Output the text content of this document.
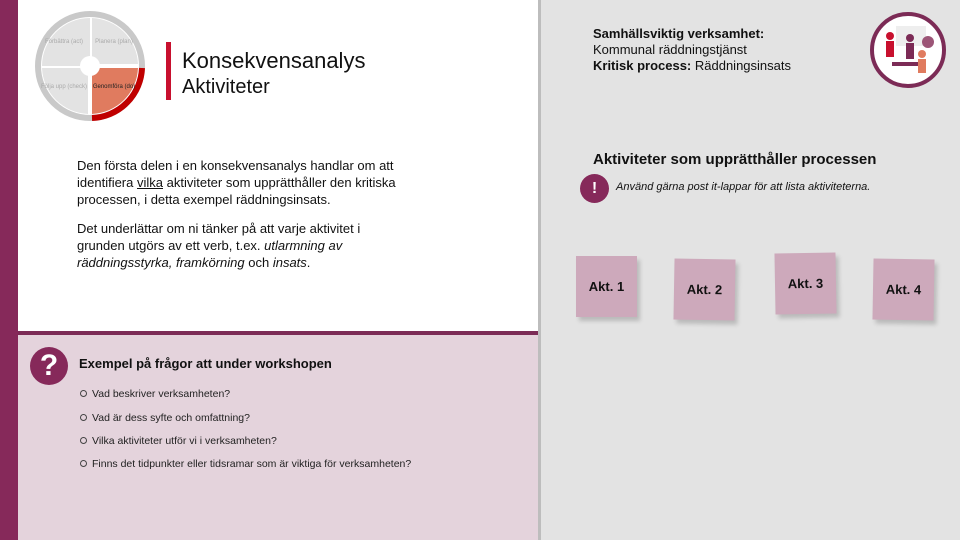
Förbättra (act) Planera (plan)
Följa upp (check) Genomföra (do)
Konsekvensanalys
Aktiviteter
Den första delen i en konsekvensanalys handlar om att identifiera vilka aktiviteter som upprätthåller den kritiska processen, i detta exempel räddningsinsats.
Det underlättar om ni tänker på att varje aktivitet i grunden utgörs av ett verb, t.ex. utlarmning av räddningsstyrka, framkörning och insats.
?	Exempel på frågor att under workshopen
Vad beskriver verksamheten?
Vad är dess syfte och omfattning?
Vilka aktiviteter utför vi i verksamheten?
Finns det tidpunkter eller tidsramar som är viktiga för verksamheten?
Samhällsviktig verksamhet:
Kommunal räddningstjänst
Kritisk process: Räddningsinsats
Aktiviteter som upprätthåller processen
!	Använd gärna post it-lappar för att lista aktiviteterna.
Akt. 1	Akt. 2	Akt. 3	Akt. 4
